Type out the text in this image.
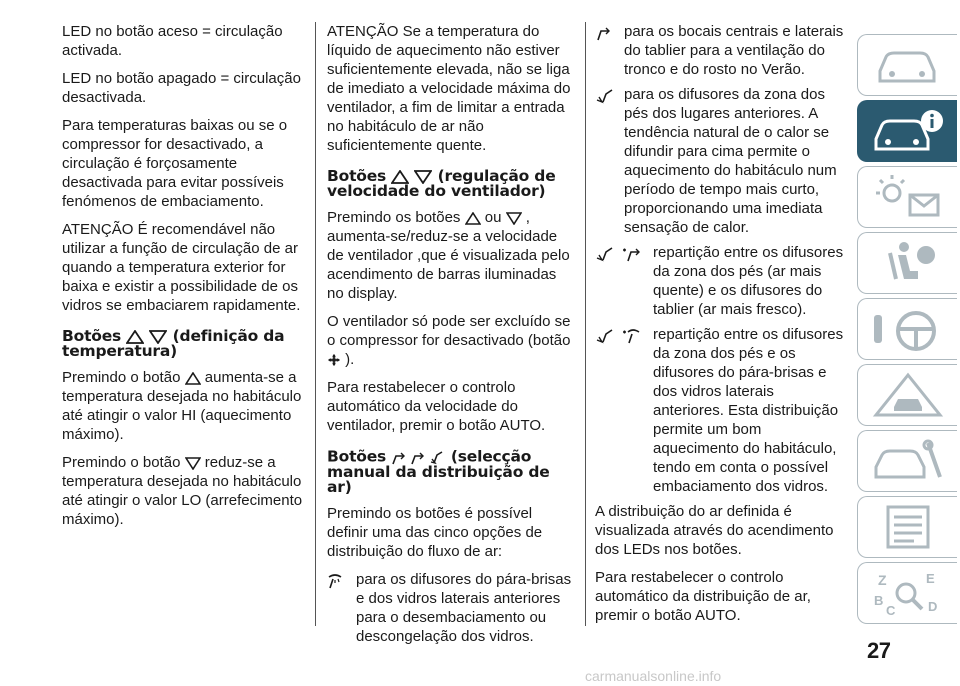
LED no botão aceso = circulação activada.

LED no botão apagado = circulação desactivada.

Para temperaturas baixas ou se o compressor for desactivado, a circulação é forçosamente desactivada para evitar possíveis fenómenos de embaciamento.

ATENÇÃO É recomendável não utilizar a função de circulação de ar quando a temperatura exterior for baixa e existir a possibilidade de os vidros se embaciarem rapidamente.

Botões	(definição da temperatura)

Premindo o botão aumenta-se a temperatura desejada no habitáculo até atingir o valor HI (aquecimento máximo).

Premindo o botão reduz-se a temperatura desejada no habitáculo até atingir o valor LO (arrefecimento máximo).

ATENÇÃO Se a temperatura do líquido de aquecimento não estiver suficientemente elevada, não se liga de imediato a velocidade máxima do ventilador, a fim de limitar a entrada no habitáculo de ar não suficientemente quente.

Botões	(regulação de velocidade do ventilador)

Premindo os botões ou , aumenta-se/reduz-se a velocidade de ventilador ,que é visualizada pelo acendimento de barras iluminadas no display.

O ventilador só pode ser excluído se o compressor for desactivado (botão  ).

Para restabelecer o controlo automático da velocidade do ventilador, premir o botão AUTO.

Botões	(selecção manual da distribuição de ar)

Premindo os botões é possível definir uma das cinco opções de distribuição do fluxo de ar:

para os difusores do pára-brisas e dos vidros laterais anteriores para o desembaciamento ou descongelação dos vidros.
para os bocais centrais e laterais do tablier para a ventilação do tronco e do rosto no Verão.
para os difusores da zona dos pés dos lugares anteriores. A tendência natural de o calor se difundir para cima permite o aquecimento do habitáculo num período de tempo mais curto, proporcionando uma imediata sensação de calor.
repartição entre os difusores da zona dos pés (ar mais quente) e os difusores do tablier (ar mais fresco).
repartição entre os difusores da zona dos pés e os difusores do pára-brisas e dos vidros laterais anteriores. Esta distribuição permite um bom aquecimento do habitáculo, tendo em conta o possível embaciamento dos vidros.

A distribuição do ar definida é visualizada através do acendimento dos LEDs nos botões.

Para restabelecer o controlo automático da distribuição de ar, premir o botão AUTO.

Z	E
B
C	D
27
carmanualsonline.info
